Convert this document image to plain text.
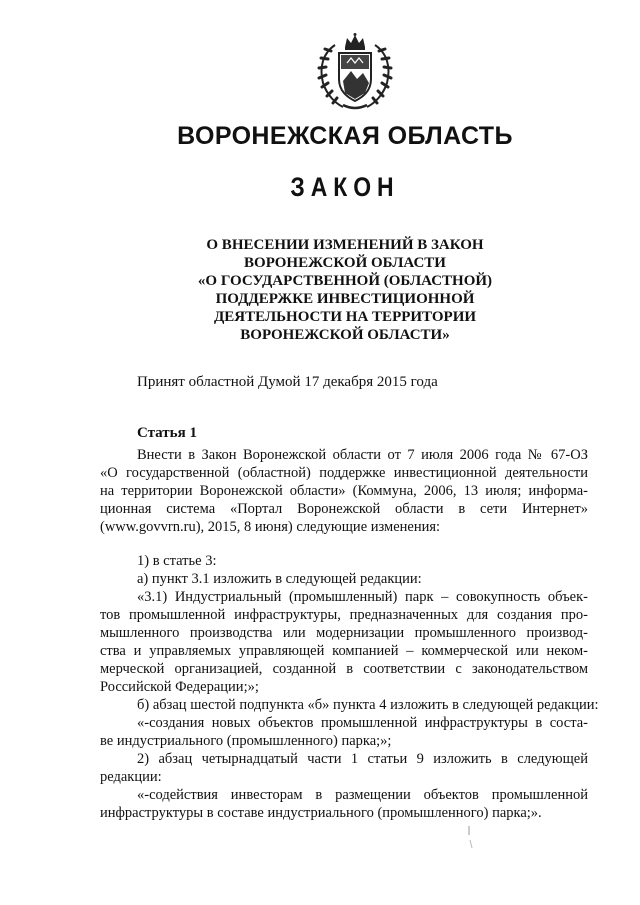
ВОРОНЕЖСКАЯ ОБЛАСТЬ
ЗАКОН
О ВНЕСЕНИИ ИЗМЕНЕНИЙ В ЗАКОН
ВОРОНЕЖСКОЙ ОБЛАСТИ
«О ГОСУДАРСТВЕННОЙ (ОБЛАСТНОЙ)
ПОДДЕРЖКЕ ИНВЕСТИЦИОННОЙ
ДЕЯТЕЛЬНОСТИ НА ТЕРРИТОРИИ
ВОРОНЕЖСКОЙ ОБЛАСТИ»
Принят областной Думой 17 декабря 2015 года
Статья 1
Внести в Закон Воронежской области от 7 июля 2006 года № 67-ОЗ
«О государственной (областной) поддержке инвестиционной деятельности
на территории Воронежской области» (Коммуна, 2006, 13 июля; информа-
ционная система «Портал Воронежской области в сети Интернет»
(www.govvrn.ru), 2015, 8 июня) следующие изменения:
1) в статье 3:
а) пункт 3.1 изложить в следующей редакции:
«3.1) Индустриальный (промышленный) парк – совокупность объек-
тов промышленной инфраструктуры, предназначенных для создания про-
мышленного производства или модернизации промышленного производ-
ства и управляемых управляющей компанией – коммерческой или неком-
мерческой организацией, созданной в соответствии с законодательством
Российской Федерации;»;
б) абзац шестой подпункта «б» пункта 4 изложить в следующей редакции:
«-создания новых объектов промышленной инфраструктуры в соста-
ве индустриального (промышленного) парка;»;
2) абзац четырнадцатый части 1 статьи 9 изложить в следующей
редакции:
«-содействия инвесторам в размещении объектов промышленной
инфраструктуры в составе индустриального (промышленного) парка;».
